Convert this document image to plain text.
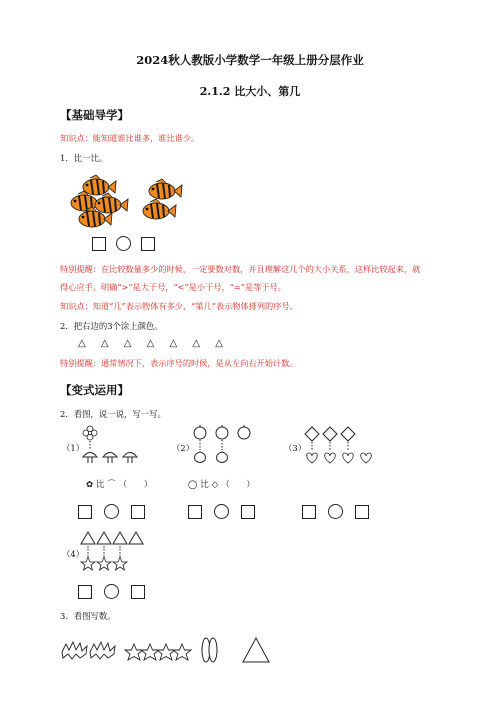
2024秋人教版小学数学一年级上册分层作业
2.1.2 比大小、第几
【基础导学】
知识点：能知道谁比谁多，谁比谁少。
1．比一比。
特别提醒：在比较数量多少的时候，一定要数对数，并且理解这几个的大小关系，这样比较起来，就
得心应手。明确“>”是大于号，“<”是小于号，“=”是等于号。
知识点：知道“几”表示物体有多少，“第几”表示物体排列的序号。
2．把右边的3个涂上颜色。
△ △ △ △ △ △ △
特别提醒：通常情况下，表示序号的时候，是从左向右开始计数。
【变式运用】
2．看图，说一说，写一写。
（1）
✿ 比 ⌒ （　　）
（2）
◯ 比 ◇ （　　）
（3）
（4）
3．看图写数。
